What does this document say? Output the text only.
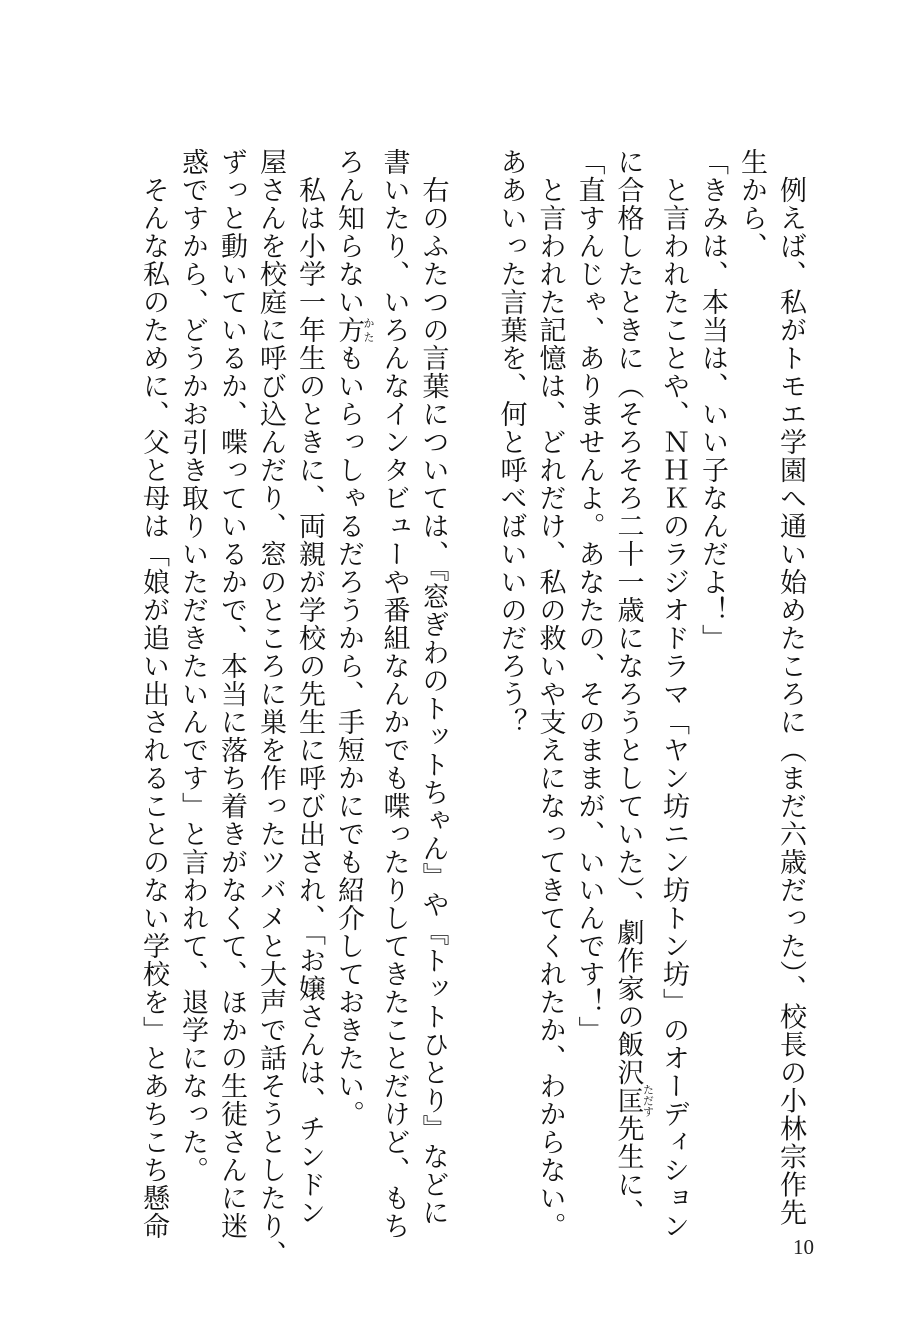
　例えば、私がトモエ学園へ通い始めたころに（まだ六歳だった）、校長の小林宗作先
生から、
「きみは、本当は、いい子なんだよ！」
　と言われたことや、ＮＨＫのラジオドラマ「ヤン坊ニン坊トン坊」のオーディション
に合格したときに（そろそろ二十一歳になろうとしていた）、劇作家の飯沢匡ただす先生に、
「直すんじゃ、ありませんよ。あなたの、そのままが、いいんです！」
　と言われた記憶は、どれだけ、私の救いや支えになってきてくれたか、わからない。
ああいった言葉を、何と呼べばいいのだろう？
　右のふたつの言葉については、『窓ぎわのトットちゃん』や『トットひとり』などに
書いたり、いろんなインタビューや番組なんかでも喋ったりしてきたことだけど、もち
ろん知らない方かたもいらっしゃるだろうから、手短かにでも紹介しておきたい。
　私は小学一年生のときに、両親が学校の先生に呼び出され、「お嬢さんは、チンドン
屋さんを校庭に呼び込んだり、窓のところに巣を作ったツバメと大声で話そうとしたり、
ずっと動いているか、喋っているかで、本当に落ち着きがなくて、ほかの生徒さんに迷
惑ですから、どうかお引き取りいただきたいんです」と言われて、退学になった。
　そんな私のために、父と母は「娘が追い出されることのない学校を」とあちこち懸命
10
